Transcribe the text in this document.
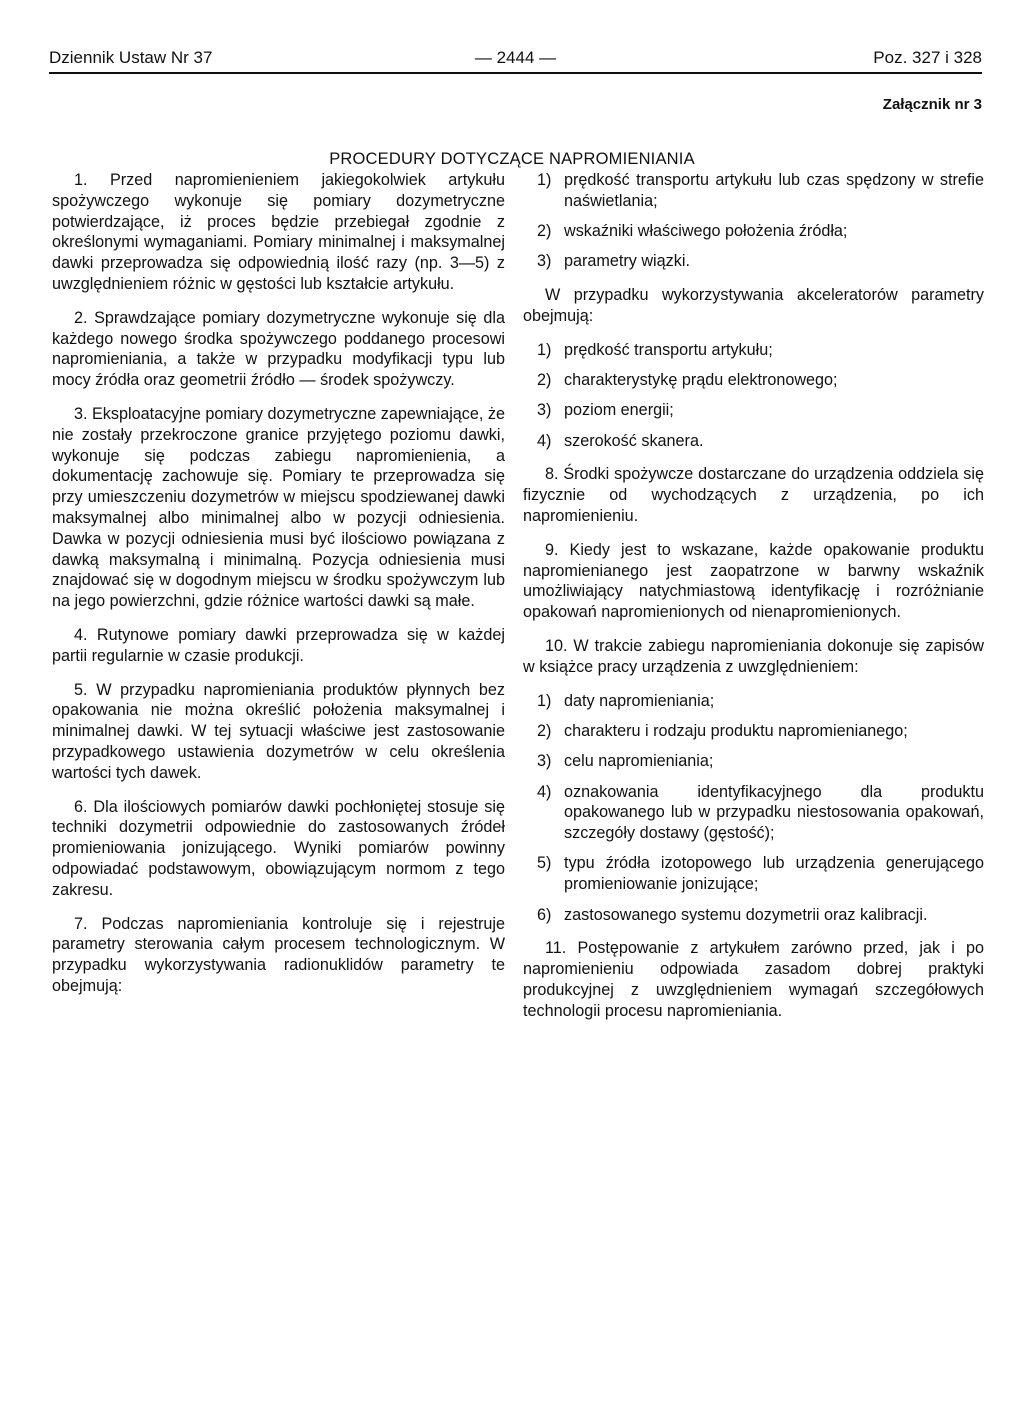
Dziennik Ustaw Nr 37	— 2444 —	Poz. 327 i 328
Załącznik nr 3
PROCEDURY DOTYCZĄCE NAPROMIENIANIA

1. Przed napromienieniem jakiegokolwiek artykułu spożywczego wykonuje się pomiary dozymetryczne potwierdzające, iż proces będzie przebiegał zgodnie z określonymi wymaganiami. Pomiary minimalnej i maksymalnej dawki przeprowadza się odpowiednią ilość razy (np. 3—5) z uwzględnieniem różnic w gęstości lub kształcie artykułu.

2. Sprawdzające pomiary dozymetryczne wykonuje się dla każdego nowego środka spożywczego poddanego procesowi napromieniania, a także w przypadku modyfikacji typu lub mocy źródła oraz geometrii źródło — środek spożywczy.

3. Eksploatacyjne pomiary dozymetryczne zapewniające, że nie zostały przekroczone granice przyjętego poziomu dawki, wykonuje się podczas zabiegu napromienienia, a dokumentację zachowuje się. Pomiary te przeprowadza się przy umieszczeniu dozymetrów w miejscu spodziewanej dawki maksymalnej albo minimalnej albo w pozycji odniesienia. Dawka w pozycji odniesienia musi być ilościowo powiązana z dawką maksymalną i minimalną. Pozycja odniesienia musi znajdować się w dogodnym miejscu w środku spożywczym lub na jego powierzchni, gdzie różnice wartości dawki są małe.

4. Rutynowe pomiary dawki przeprowadza się w każdej partii regularnie w czasie produkcji.

5. W przypadku napromieniania produktów płynnych bez opakowania nie można określić położenia maksymalnej i minimalnej dawki. W tej sytuacji właściwe jest zastosowanie przypadkowego ustawienia dozymetrów w celu określenia wartości tych dawek.

6. Dla ilościowych pomiarów dawki pochłoniętej stosuje się techniki dozymetrii odpowiednie do zastosowanych źródeł promieniowania jonizującego. Wyniki pomiarów powinny odpowiadać podstawowym, obowiązującym normom z tego zakresu.

7. Podczas napromieniania kontroluje się i rejestruje parametry sterowania całym procesem technologicznym. W przypadku wykorzystywania radionuklidów parametry te obejmują:

1) prędkość transportu artykułu lub czas spędzony w strefie naświetlania;
2) wskaźniki właściwego położenia źródła;
3) parametry wiązki.

W przypadku wykorzystywania akceleratorów parametry obejmują:

1) prędkość transportu artykułu;
2) charakterystykę prądu elektronowego;
3) poziom energii;
4) szerokość skanera.

8. Środki spożywcze dostarczane do urządzenia oddziela się fizycznie od wychodzących z urządzenia, po ich napromienieniu.

9. Kiedy jest to wskazane, każde opakowanie produktu napromienianego jest zaopatrzone w barwny wskaźnik umożliwiający natychmiastową identyfikację i rozróżnianie opakowań napromienionych od nienapromienionych.

10. W trakcie zabiegu napromieniania dokonuje się zapisów w książce pracy urządzenia z uwzględnieniem:

1) daty napromieniania;
2) charakteru i rodzaju produktu napromienianego;
3) celu napromieniania;
4) oznakowania identyfikacyjnego dla produktu opakowanego lub w przypadku niestosowania opakowań, szczegóły dostawy (gęstość);
5) typu źródła izotopowego lub urządzenia generującego promieniowanie jonizujące;
6) zastosowanego systemu dozymetrii oraz kalibracji.

11. Postępowanie z artykułem zarówno przed, jak i po napromienieniu odpowiada zasadom dobrej praktyki produkcyjnej z uwzględnieniem wymagań szczegółowych technologii procesu napromieniania.
